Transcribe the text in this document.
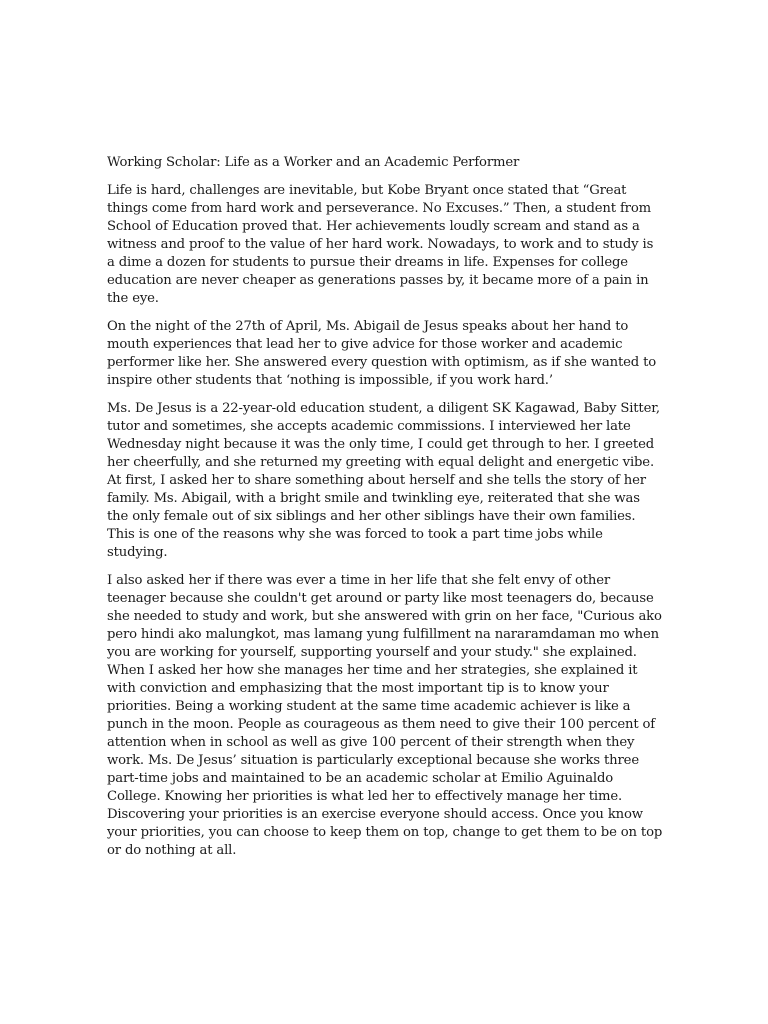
Working Scholar: Life as a Worker and an Academic Performer

Life is hard, challenges are inevitable, but Kobe Bryant once stated that “Great things come from hard work and perseverance. No Excuses.” Then, a student from School of Education proved that. Her achievements loudly scream and stand as a witness and proof to the value of her hard work. Nowadays, to work and to study is a dime a dozen for students to pursue their dreams in life. Expenses for college education are never cheaper as generations passes by, it became more of a pain in the eye.

On the night of the 27th of April, Ms. Abigail de Jesus speaks about her hand to mouth experiences that lead her to give advice for those worker and academic performer like her. She answered every question with optimism, as if she wanted to inspire other students that ‘nothing is impossible, if you work hard.’

Ms. De Jesus is a 22-year-old education student, a diligent SK Kagawad, Baby Sitter, tutor and sometimes, she accepts academic commissions. I interviewed her late Wednesday night because it was the only time, I could get through to her. I greeted her cheerfully, and she returned my greeting with equal delight and energetic vibe. At first, I asked her to share something about herself and she tells the story of her family. Ms. Abigail, with a bright smile and twinkling eye, reiterated that she was the only female out of six siblings and her other siblings have their own families. This is one of the reasons why she was forced to took a part time jobs while studying.

I also asked her if there was ever a time in her life that she felt envy of other teenager because she couldn't get around or party like most teenagers do, because she needed to study and work, but she answered with grin on her face, "Curious ako pero hindi ako malungkot, mas lamang yung fulfillment na nararamdaman mo when you are working for yourself, supporting yourself and your study." she explained. When I asked her how she manages her time and her strategies, she explained it with conviction and emphasizing that the most important tip is to know your priorities. Being a working student at the same time academic achiever is like a punch in the moon. People as courageous as them need to give their 100 percent of attention when in school as well as give 100 percent of their strength when they work. Ms. De Jesus’ situation is particularly exceptional because she works three part-time jobs and maintained to be an academic scholar at Emilio Aguinaldo College. Knowing her priorities is what led her to effectively manage her time. Discovering your priorities is an exercise everyone should access. Once you know your priorities, you can choose to keep them on top, change to get them to be on top or do nothing at all.
